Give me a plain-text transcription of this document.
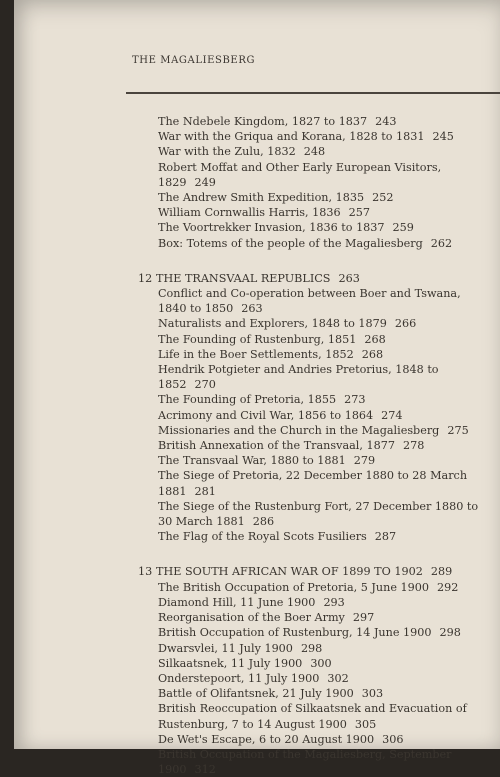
THE MAGALIESBERG
The Ndebele Kingdom, 1827 to 1837 243
War with the Griqua and Korana, 1828 to 1831 245
War with the Zulu, 1832 248
Robert Moffat and Other Early European Visitors, 1829 249
The Andrew Smith Expedition, 1835 252
William Cornwallis Harris, 1836 257
The Voortrekker Invasion, 1836 to 1837 259
Box: Totems of the people of the Magaliesberg 262
12 THE TRANSVAAL REPUBLICS 263
Conflict and Co-operation between Boer and Tswana, 1840 to 1850 263
Naturalists and Explorers, 1848 to 1879 266
The Founding of Rustenburg, 1851 268
Life in the Boer Settlements, 1852 268
Hendrik Potgieter and Andries Pretorius, 1848 to 1852 270
The Founding of Pretoria, 1855 273
Acrimony and Civil War, 1856 to 1864 274
Missionaries and the Church in the Magaliesberg 275
British Annexation of the Transvaal, 1877 278
The Transvaal War, 1880 to 1881 279
The Siege of Pretoria, 22 December 1880 to 28 March 1881 281
The Siege of the Rustenburg Fort, 27 December 1880 to 30 March 1881 286
The Flag of the Royal Scots Fusiliers 287
13 THE SOUTH AFRICAN WAR OF 1899 TO 1902 289
The British Occupation of Pretoria, 5 June 1900 292
Diamond Hill, 11 June 1900 293
Reorganisation of the Boer Army 297
British Occupation of Rustenburg, 14 June 1900 298
Dwarsvlei, 11 July 1900 298
Silkaatsnek, 11 July 1900 300
Onderstepoort, 11 July 1900 302
Battle of Olifantsnek, 21 July 1900 303
British Reoccupation of Silkaatsnek and Evacuation of Rustenburg, 7 to 14 August 1900 305
De Wet's Escape, 6 to 20 August 1900 306
British Occupation of the Magaliesberg, September 1900 312
